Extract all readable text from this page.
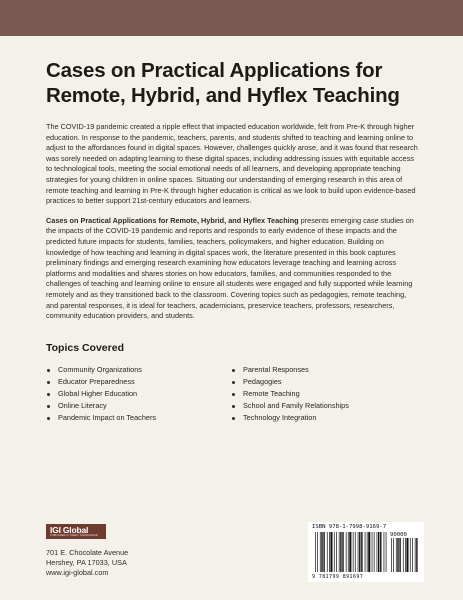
Cases on Practical Applications for Remote, Hybrid, and Hyflex Teaching

The COVID-19 pandemic created a ripple effect that impacted education worldwide, felt from Pre-K through higher education. In response to the pandemic, teachers, parents, and students shifted to teaching and learning online to adjust to the affordances found in digital spaces. However, challenges quickly arose, and it was found that research was sorely needed on adapting learning to these digital spaces, including addressing issues with equitable access to technological tools, meeting the social emotional needs of all learners, and developing appropriate teaching strategies for young children in online spaces. Situating our understanding of emerging research in this area of remote teaching and learning in Pre-K through higher education is critical as we look to build upon evidence-based practices to better support 21st-century educators and learners.

Cases on Practical Applications for Remote, Hybrid, and Hyflex Teaching presents emerging case studies on the impacts of the COVID-19 pandemic and reports and responds to early evidence of these impacts and the predicted future impacts for students, families, teachers, policymakers, and higher education. Building on knowledge of how teaching and learning in digital spaces work, the literature presented in this book captures preliminary findings and emerging research examining how educators leverage teaching and learning across platforms and modalities and shares stories on how educators, families, and communities responded to the challenges of teaching and learning online to ensure all students were engaged and fully supported while learning remotely and as they transitioned back to the classroom. Covering topics such as pedagogies, remote teaching, and parental responses, it is ideal for teachers, academicians, preservice teachers, professors, researchers, community education providers, and students.

Topics Covered
Community Organizations
Educator Preparedness
Global Higher Education
Online Literacy
Pandemic Impact on Teachers
Parental Responses
Pedagogies
Remote Teaching
School and Family Relationships
Technology Integration
IGI Global
PUBLISHER of TIMELY KNOWLEDGE
701 E. Chocolate Avenue
Hershey, PA 17033, USA
www.igi-global.com
ISBN 978-1-7998-9169-7
90000
9 781799 891697
